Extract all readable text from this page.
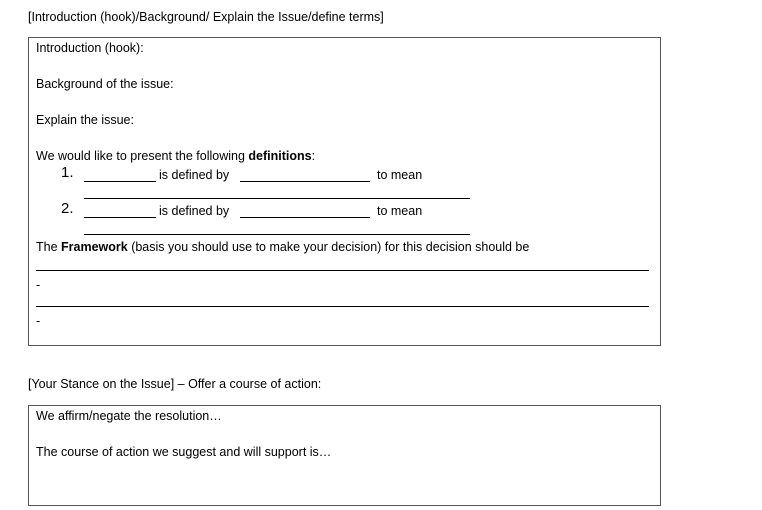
[Introduction (hook)/Background/ Explain the Issue/define terms]
Introduction (hook):
Background of the issue:
Explain the issue:
We would like to present the following definitions:
1.	is defined by	to mean
2.	is defined by	to mean
The Framework (basis you should use to make your decision) for this decision should be
-
-
[Your Stance on the Issue] – Offer a course of action:
We affirm/negate the resolution…
The course of action we suggest and will support is…
